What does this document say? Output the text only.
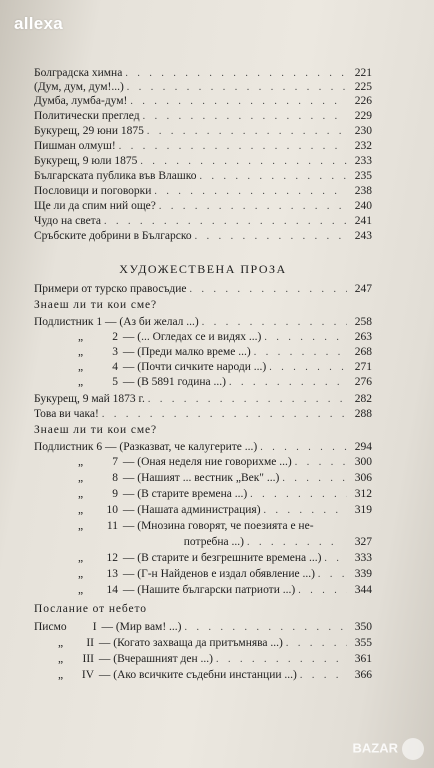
allexa
BAZAR
Болградска химна . . .	221
(Дум, дум, дум!...) . . .	225
Думба, лумба-дум! . . .	226
Политически преглед . . .	229
Букурещ, 29 юни 1875 . . .	230
Пишман олмуш! . . .	232
Букурещ, 9 юли 1875 . . .	233
Българската публика във Влашко . . .	235
Пословици и поговорки . . .	238
Ще ли да спим ний още? . . .	240
Чудо на света . . .	241
Сръбските добрини в Българско . . .	243
ХУДОЖЕСТВЕНА ПРОЗА
Примери от турско правосъдие . . .	247
Знаеш ли ти кои сме?
Подлистник 1 — (Аз би желал ...) . . .	258
„	2 — (... Огледах се и видях ...) . . .	263
„	3 — (Преди малко време ...) . . .	268
„	4 — (Почти сичките народи ...) . . .	271
„	5 — (В 5891 година ...) . . .	276
Букурещ, 9 май 1873 г. . . .	282
Това ви чака! . . .	288
Знаеш ли ти кои сме?
Подлистник 6 — (Разказват, че калугерите ...) . . .	294
„	7 — (Оная неделя ние говорихме ...) . . .	300
„	8 — (Нашият ... вестник „Век" ...) . . .	306
„	9 — (В старите времена ...) . . .	312
„ 10 — (Нашата администрация) . . .	319
„ 11 — (Мнозина говорят, че поезията е не-
потребна ...) . . .	327
„ 12 — (В старите и безгрешните времена ...) . . .	333
„ 13 — (Г-н Найденов е издал обявление ...) . . .	339
„ 14 — (Нашите български патриоти ...) . . .	344
Послание от небето
Писмо I — (Мир вам! ...) . . .	350
„ II — (Когато захваща да притъмнява ...) . . .	355
„ III — (Вчерашният ден ...) . . .	361
„ IV — (Ако всичките съдебни инстанции ...) . . .	366
